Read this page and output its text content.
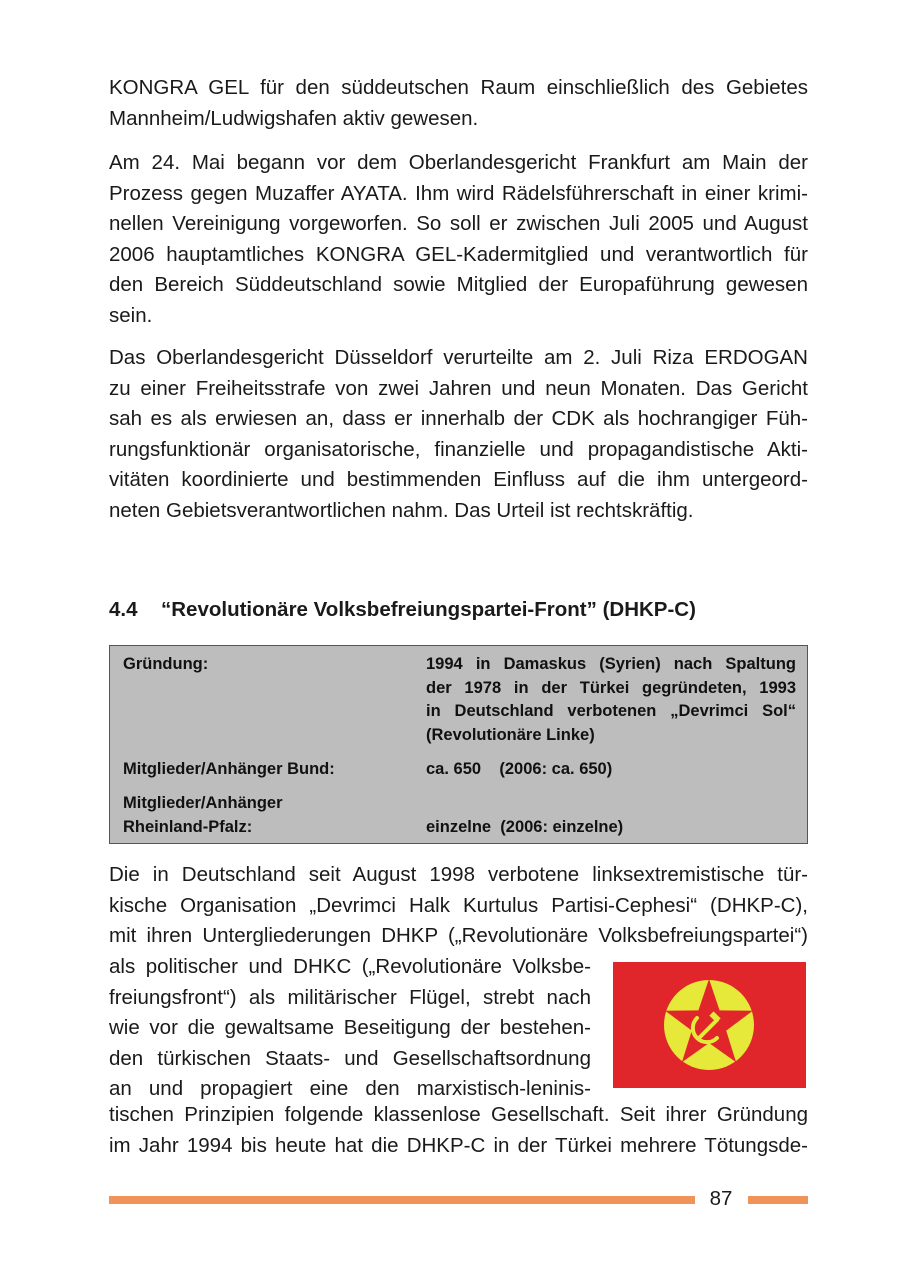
KONGRA GEL für den süddeutschen Raum einschließlich des Gebietes
Mannheim/Ludwigshafen aktiv gewesen.

Am 24. Mai begann vor dem Oberlandesgericht Frankfurt am Main der
Prozess gegen Muzaffer AYATA. Ihm wird Rädelsführerschaft in einer krimi-
nellen Vereinigung vorgeworfen. So soll er zwischen Juli 2005 und August
2006 hauptamtliches KONGRA GEL-Kadermitglied und verantwortlich für
den Bereich Süddeutschland sowie Mitglied der Europaführung gewesen
sein.

Das Oberlandesgericht Düsseldorf verurteilte am 2. Juli Riza ERDOGAN
zu einer Freiheitsstrafe von zwei Jahren und neun Monaten. Das Gericht
sah es als erwiesen an, dass er innerhalb der CDK als hochrangiger Füh-
rungsfunktionär organisatorische, finanzielle und propagandistische Akti-
vitäten koordinierte und bestimmenden Einfluss auf die ihm untergeord-
neten Gebietsverantwortlichen nahm. Das Urteil ist rechtskräftig.

4.4 “Revolutionäre Volksbefreiungspartei-Front” (DHKP-C)
Gründung:	1994 in Damaskus (Syrien) nach Spaltung
der 1978 in der Türkei gegründeten, 1993
in Deutschland verbotenen „Devrimci Sol“
(Revolutionäre Linke)
Mitglieder/Anhänger Bund:	ca. 650    (2006: ca. 650)
Mitglieder/Anhänger
Rheinland-Pfalz:	einzelne  (2006: einzelne)

Die in Deutschland seit August 1998 verbotene linksextremistische tür-
kische Organisation „Devrimci Halk Kurtulus Partisi-Cephesi“ (DHKP-C),
mit ihren Untergliederungen DHKP („Revolutionäre Volksbefreiungspartei“)

als politischer und DHKC („Revolutionäre Volksbe-
freiungsfront“) als militärischer Flügel, strebt nach
wie vor die gewaltsame Beseitigung der bestehen-
den türkischen Staats- und Gesellschaftsordnung
an und propagiert eine den marxistisch-leninis-

tischen Prinzipien folgende klassenlose Gesellschaft. Seit ihrer Gründung
im Jahr 1994 bis heute hat die DHKP-C in der Türkei mehrere Tötungsde-

87
